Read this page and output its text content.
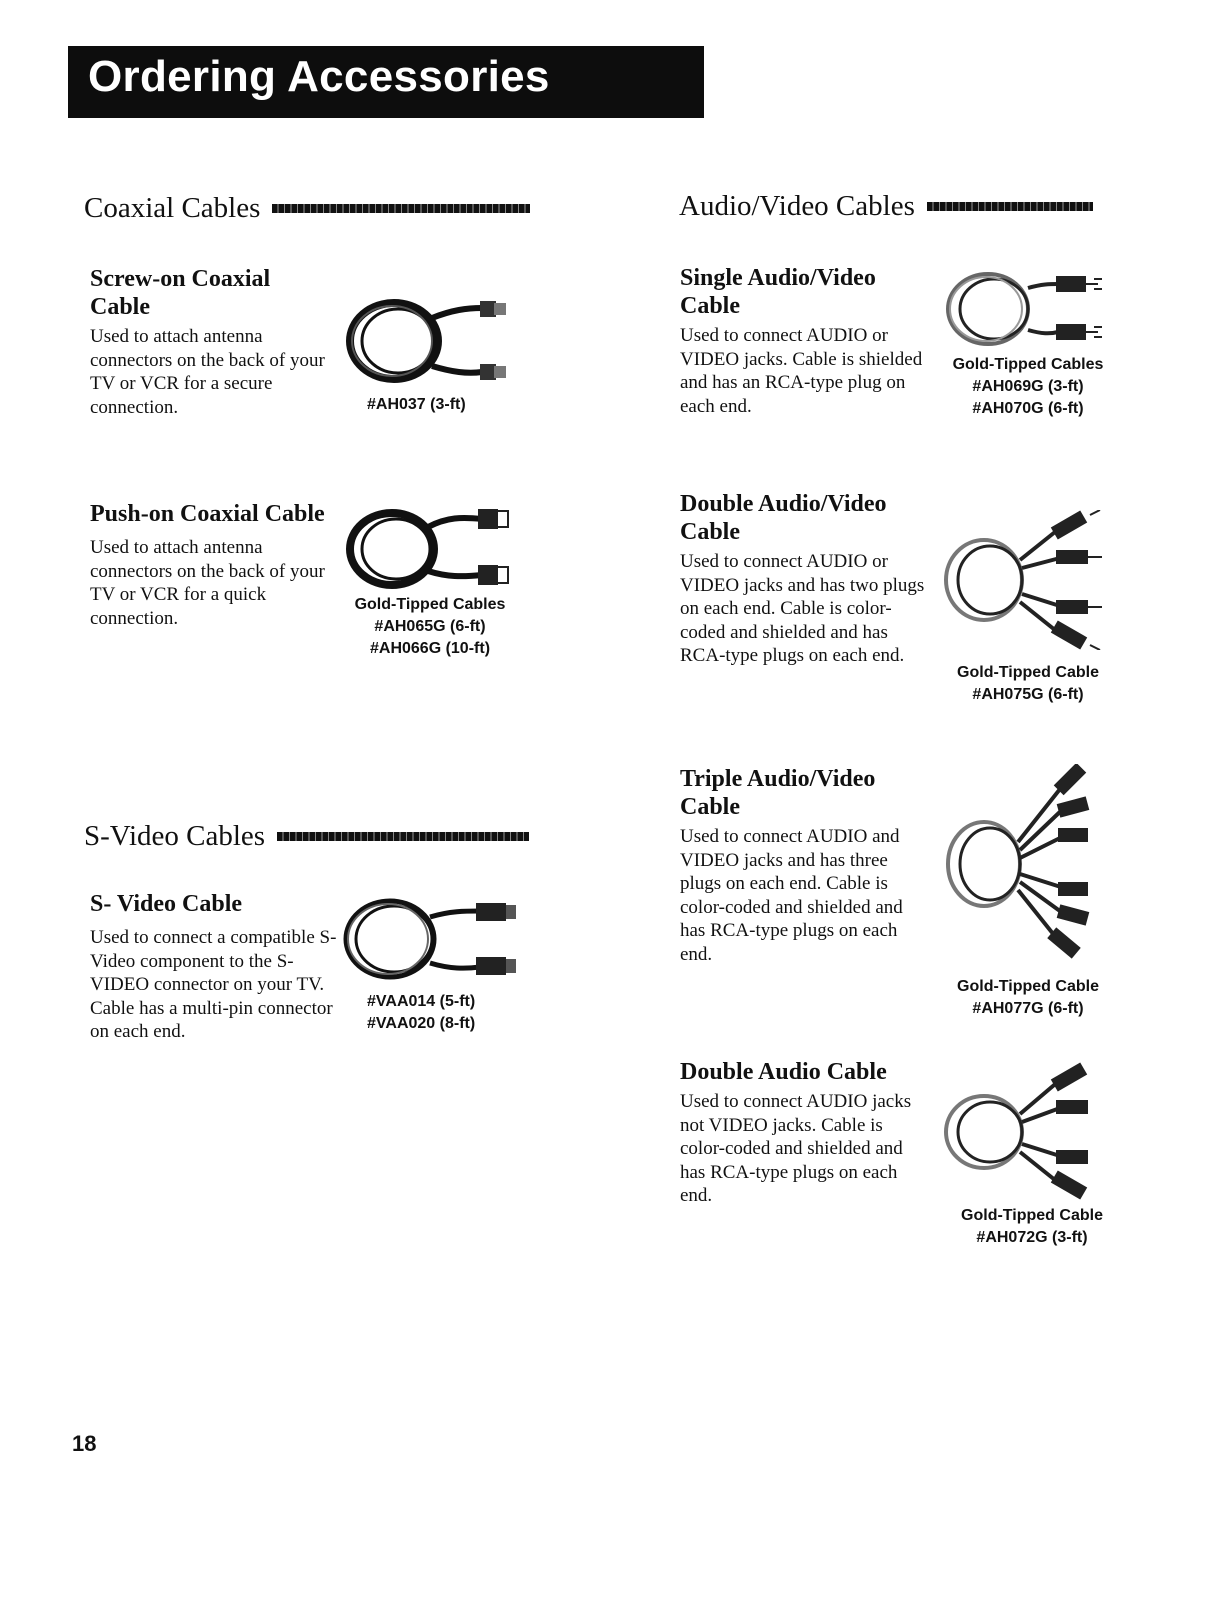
Ordering Accessories
Coaxial Cables
Screw-on Coaxial Cable
Used to attach antenna connectors on the back of your TV or VCR for a secure connection.	#AH037 (3-ft)
Push-on Coaxial Cable
Used to attach antenna connectors on the back of your TV or VCR for a quick connection.
Gold-Tipped Cables
#AH065G (6-ft)
#AH066G (10-ft)
S-Video Cables
S- Video Cable
Used to connect a compatible S-Video component to the S-VIDEO connector on your TV. Cable has a multi-pin connector on each end.
#VAA014 (5-ft)
#VAA020 (8-ft)
Audio/Video Cables
Single Audio/Video Cable
Used to connect AUDIO or VIDEO jacks. Cable is shielded and has an RCA-type plug on each end.
Gold-Tipped Cables
#AH069G (3-ft)
#AH070G (6-ft)
Double Audio/Video Cable
Used to connect AUDIO or VIDEO jacks and has two plugs on each end. Cable is color-coded and shielded and has RCA-type plugs on each end.
Gold-Tipped Cable
#AH075G (6-ft)
Triple Audio/Video Cable
Used to connect AUDIO and VIDEO jacks and has three plugs on each end. Cable is color-coded and shielded and has RCA-type plugs on each end.
Gold-Tipped Cable
#AH077G (6-ft)
Double Audio Cable
Used to connect AUDIO jacks not VIDEO jacks. Cable is color-coded and shielded and has RCA-type plugs on each end.
Gold-Tipped Cable
#AH072G (3-ft)
18
